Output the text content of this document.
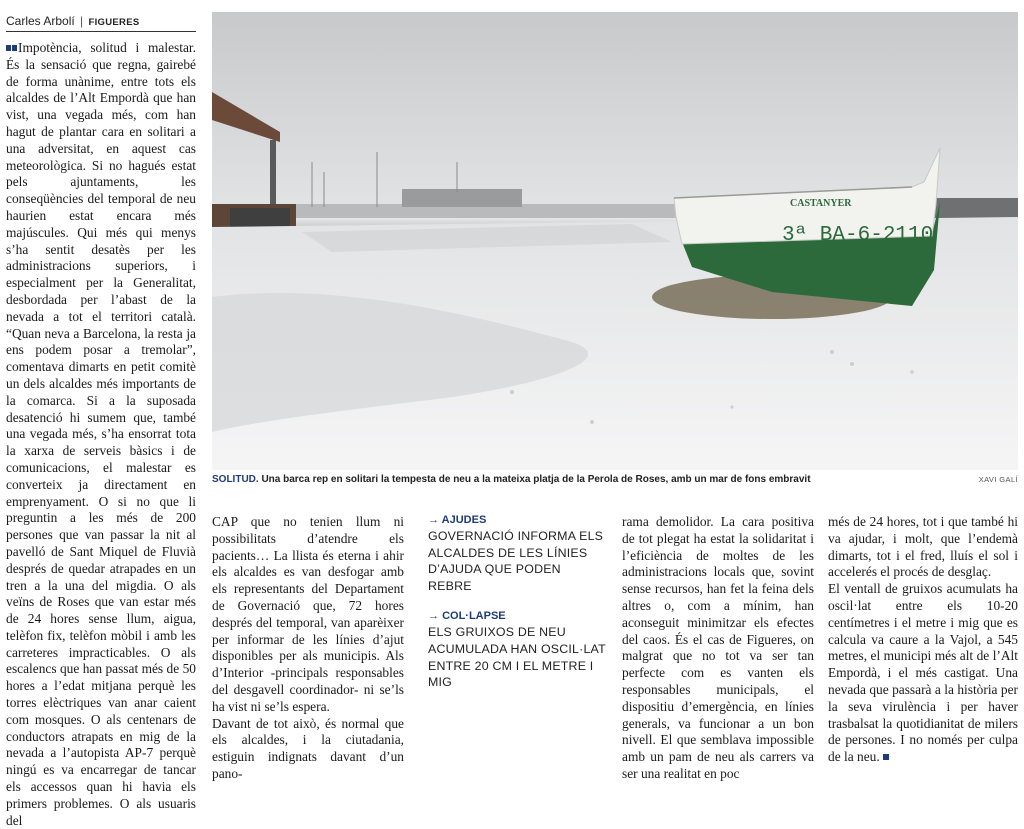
Carles Arbolí | FIGUERES

Impotència, solitud i malestar. És la sensació que regna, gairebé de forma unànime, entre tots els alcaldes de l’Alt Empordà que han vist, una vegada més, com han hagut de plantar cara en solitari a una adversitat, en aquest cas meteorològica. Si no hagués estat pels ajuntaments, les conseqüències del temporal de neu haurien estat encara més majúscules. Qui més qui menys s’ha sentit desatès per les administracions superiors, i especialment per la Generalitat, desbordada per l’abast de la nevada a tot el territori català. “Quan neva a Barcelona, la resta ja ens podem posar a tremolar”, comentava dimarts en petit comitè un dels alcaldes més importants de la comarca. Si a la suposada desatenció hi sumem que, també una vegada més, s’ha ensorrat tota la xarxa de serveis bàsics i de comunicacions, el malestar es converteix ja directament en emprenyament. O si no que li preguntin a les més de 200 persones que van passar la nit al pavelló de Sant Miquel de Fluvià després de quedar atrapades en un tren a la una del migdia. O als veïns de Roses que van estar més de 24 hores sense llum, aigua, telèfon fix, telèfon mòbil i amb les carreteres impracticables. O als escalencs que han passat més de 50 hores a l’edat mitjana perquè les torres elèctriques van anar caient com mosques. O als centenars de conductors atrapats en mig de la nevada a l’autopista AP-7 perquè ningú es va encarregar de tancar els accessos quan hi havia els primers problemes. O als usuaris del

CASTANYER
3ª BA-6-2110
SOLITUD. Una barca rep en solitari la tempesta de neu a la mateixa platja de la Perola de Roses, amb un mar de fons embravit	XAVI GALÍ

CAP que no tenien llum ni possibilitats d’atendre els pacients… La llista és eterna i ahir els alcaldes es van desfogar amb els representants del Departament de Governació que, 72 hores després del temporal, van aparèixer per informar de les línies d’ajut disponibles per als municipis. Als d’Interior -principals responsables del desgavell coordinador- ni se’ls ha vist ni se’ls espera.

Davant de tot això, és normal que els alcaldes, i la ciutadania, estiguin indignats davant d’un pano-

→ AJUDES
GOVERNACIÓ INFORMA ELS ALCALDES DE LES LÍNIES D’AJUDA QUE PODEN REBRE
→ COL·LAPSE
ELS GRUIXOS DE NEU ACUMULADA HAN OSCIL·LAT ENTRE 20 CM I EL METRE I MIG

rama demolidor. La cara positiva de tot plegat ha estat la solidaritat i l’eficiència de moltes de les administracions locals que, sovint sense recursos, han fet la feina dels altres o, com a mínim, han aconseguit minimitzar els efectes del caos. És el cas de Figueres, on malgrat que no tot va ser tan perfecte com es vanten els responsables municipals, el dispositiu d’emergència, en línies generals, va funcionar a un bon nivell. El que semblava impossible amb un pam de neu als carrers va ser una realitat en poc

més de 24 hores, tot i que també hi va ajudar, i molt, que l’endemà dimarts, tot i el fred, lluís el sol i accelerés el procés de desglaç.

El ventall de gruixos acumulats ha oscil·lat entre els 10-20 centímetres i el metre i mig que es calcula va caure a la Vajol, a 545 metres, el municipi més alt de l’Alt Empordà, i el més castigat. Una nevada que passarà a la història per la seva virulència i per haver trasbalsat la quotidianitat de milers de persones. I no només per culpa de la neu.
